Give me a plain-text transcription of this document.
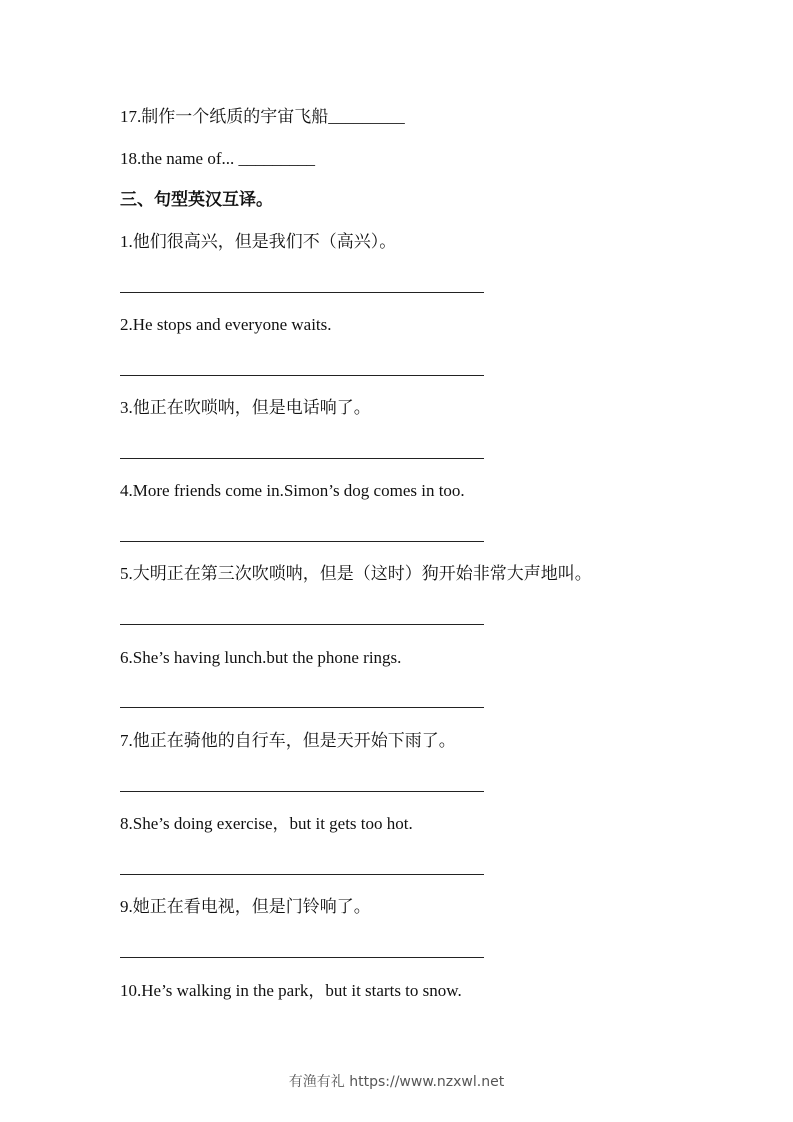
17.制作一个纸质的宇宙飞船_________
18.the name of... _________
三、句型英汉互译。
1.他们很高兴，但是我们不（高兴）。
2.He stops and everyone waits.
3.他正在吹唢呐，但是电话响了。
4.More friends come in.Simon’s dog comes in too.
5.大明正在第三次吹唢呐，但是（这时）狗开始非常大声地叫。
6.She’s having lunch.but the phone rings.
7.他正在骑他的自行车，但是天开始下雨了。
8.She’s doing exercise，but it gets too hot.
9.她正在看电视，但是门铃响了。
10.He’s walking in the park，but it starts to snow.
有渔有礼 https://www.nzxwl.net
